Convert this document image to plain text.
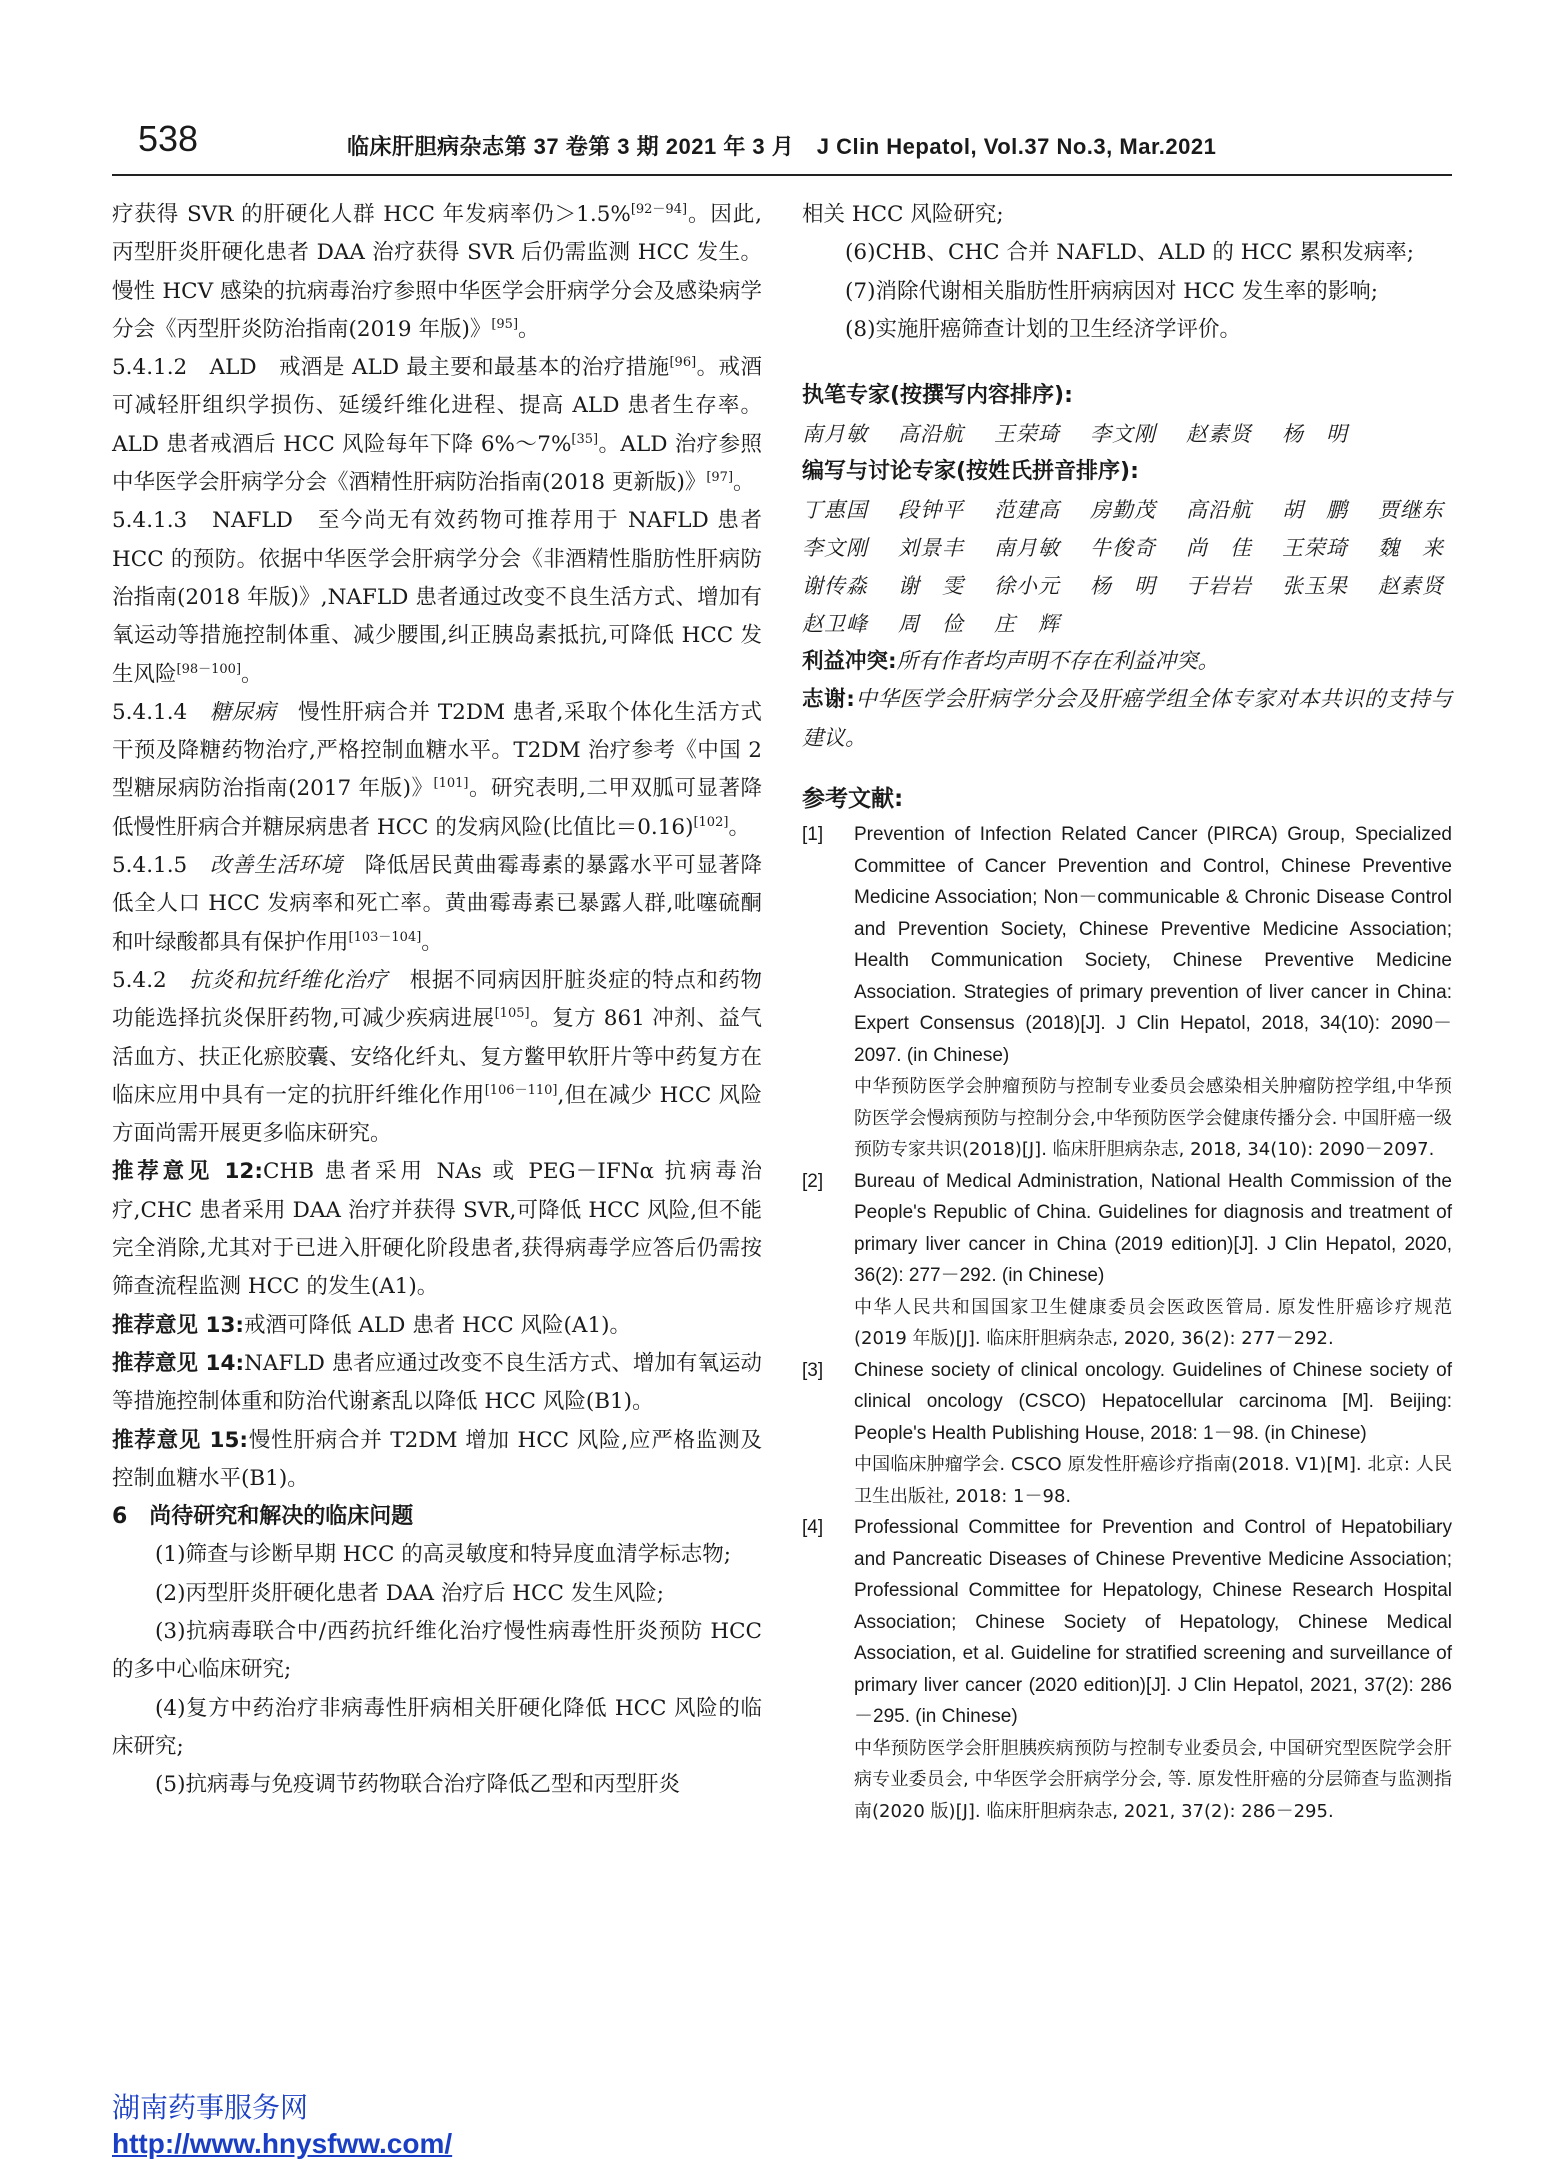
538	临床肝胆病杂志第 37 卷第 3 期 2021 年 3 月　J Clin Hepatol, Vol.37 No.3, Mar.2021

疗获得 SVR 的肝硬化人群 HCC 年发病率仍＞1.5%[92－94]。因此,丙型肝炎肝硬化患者 DAA 治疗获得 SVR 后仍需监测 HCC 发生。慢性 HCV 感染的抗病毒治疗参照中华医学会肝病学分会及感染病学分会《丙型肝炎防治指南(2019 年版)》[95]。

5.4.1.2　 ALD　 戒酒是 ALD 最主要和最基本的治疗措施[96]。戒酒可减轻肝组织学损伤、延缓纤维化进程、提高 ALD 患者生存率。ALD 患者戒酒后 HCC 风险每年下降 6%～7%[35]。ALD 治疗参照中华医学会肝病学分会《酒精性肝病防治指南(2018 更新版)》[97]。

5.4.1.3　 NAFLD　 至今尚无有效药物可推荐用于 NAFLD 患者 HCC 的预防。依据中华医学会肝病学分会《非酒精性脂肪性肝病防治指南(2018 年版)》,NAFLD 患者通过改变不良生活方式、增加有氧运动等措施控制体重、减少腰围,纠正胰岛素抵抗,可降低 HCC 发生风险[98－100]。

5.4.1.4　 糖尿病　 慢性肝病合并 T2DM 患者,采取个体化生活方式干预及降糖药物治疗,严格控制血糖水平。T2DM 治疗参考《中国 2 型糖尿病防治指南(2017 年版)》[101]。研究表明,二甲双胍可显著降低慢性肝病合并糖尿病患者 HCC 的发病风险(比值比＝0.16)[102]。

5.4.1.5　 改善生活环境　 降低居民黄曲霉毒素的暴露水平可显著降低全人口 HCC 发病率和死亡率。黄曲霉毒素已暴露人群,吡噻硫酮和叶绿酸都具有保护作用[103－104]。

5.4.2　 抗炎和抗纤维化治疗　 根据不同病因肝脏炎症的特点和药物功能选择抗炎保肝药物,可减少疾病进展[105]。复方 861 冲剂、益气活血方、扶正化瘀胶囊、安络化纤丸、复方鳖甲软肝片等中药复方在临床应用中具有一定的抗肝纤维化作用[106－110],但在减少 HCC 风险方面尚需开展更多临床研究。

推荐意见 12:CHB 患者采用 NAs 或 PEG－IFNα 抗病毒治疗,CHC 患者采用 DAA 治疗并获得 SVR,可降低 HCC 风险,但不能完全消除,尤其对于已进入肝硬化阶段患者,获得病毒学应答后仍需按筛查流程监测 HCC 的发生(A1)。

推荐意见 13:戒酒可降低 ALD 患者 HCC 风险(A1)。

推荐意见 14:NAFLD 患者应通过改变不良生活方式、增加有氧运动等措施控制体重和防治代谢紊乱以降低 HCC 风险(B1)。

推荐意见 15:慢性肝病合并 T2DM 增加 HCC 风险,应严格监测及控制血糖水平(B1)。

6　尚待研究和解决的临床问题

(1)筛查与诊断早期 HCC 的高灵敏度和特异度血清学标志物;

(2)丙型肝炎肝硬化患者 DAA 治疗后 HCC 发生风险;

(3)抗病毒联合中/西药抗纤维化治疗慢性病毒性肝炎预防 HCC 的多中心临床研究;

(4)复方中药治疗非病毒性肝病相关肝硬化降低 HCC 风险的临床研究;

(5)抗病毒与免疫调节药物联合治疗降低乙型和丙型肝炎

相关 HCC 风险研究;

(6)CHB、CHC 合并 NAFLD、ALD 的 HCC 累积发病率;

(7)消除代谢相关脂肪性肝病病因对 HCC 发生率的影响;

(8)实施肝癌筛查计划的卫生经济学评价。

执笔专家(按撰写内容排序):

南月敏 高沿航 王荣琦 李文刚 赵素贤 杨　明

编写与讨论专家(按姓氏拼音排序):

丁惠国 段钟平 范建高 房勤茂 高沿航 胡　鹏 贾继东

李文刚 刘景丰 南月敏 牛俊奇 尚　佳 王荣琦 魏　来

谢传淼 谢　雯 徐小元 杨　明 于岩岩 张玉果 赵素贤

赵卫峰 周　俭 庄　辉

利益冲突:所有作者均声明不存在利益冲突。

志谢:中华医学会肝病学分会及肝癌学组全体专家对本共识的支持与建议。

参考文献:
[1]	Prevention of Infection Related Cancer (PIRCA) Group, Specialized Committee of Cancer Prevention and Control, Chinese Preventive Medicine Association; Non－communicable & Chronic Disease Control and Prevention Society, Chinese Preventive Medicine Association; Health Communication Society, Chinese Preventive Medicine Association. Strategies of primary prevention of liver cancer in China: Expert Consensus (2018)[J]. J Clin Hepatol, 2018, 34(10): 2090－2097. (in Chinese)
中华预防医学会肿瘤预防与控制专业委员会感染相关肿瘤防控学组,中华预防医学会慢病预防与控制分会,中华预防医学会健康传播分会. 中国肝癌一级预防专家共识(2018)[J]. 临床肝胆病杂志, 2018, 34(10): 2090－2097.
[2]	Bureau of Medical Administration, National Health Commission of the People's Republic of China. Guidelines for diagnosis and treatment of primary liver cancer in China (2019 edition)[J]. J Clin Hepatol, 2020, 36(2): 277－292. (in Chinese)
中华人民共和国国家卫生健康委员会医政医管局. 原发性肝癌诊疗规范(2019 年版)[J]. 临床肝胆病杂志, 2020, 36(2): 277－292.
[3]	Chinese society of clinical oncology. Guidelines of Chinese society of clinical oncology (CSCO) Hepatocellular carcinoma [M]. Beijing: People's Health Publishing House, 2018: 1－98. (in Chinese)
中国临床肿瘤学会. CSCO 原发性肝癌诊疗指南(2018. V1)[M]. 北京: 人民卫生出版社, 2018: 1－98.
[4]	Professional Committee for Prevention and Control of Hepatobiliary and Pancreatic Diseases of Chinese Preventive Medicine Association; Professional Committee for Hepatology, Chinese Research Hospital Association; Chinese Society of Hepatology, Chinese Medical Association, et al. Guideline for stratified screening and surveillance of primary liver cancer (2020 edition)[J]. J Clin Hepatol, 2021, 37(2): 286－295. (in Chinese)
中华预防医学会肝胆胰疾病预防与控制专业委员会, 中国研究型医院学会肝病专业委员会, 中华医学会肝病学分会, 等. 原发性肝癌的分层筛查与监测指南(2020 版)[J]. 临床肝胆病杂志, 2021, 37(2): 286－295.
湖南药事服务网
http://www.hnysfww.com/
